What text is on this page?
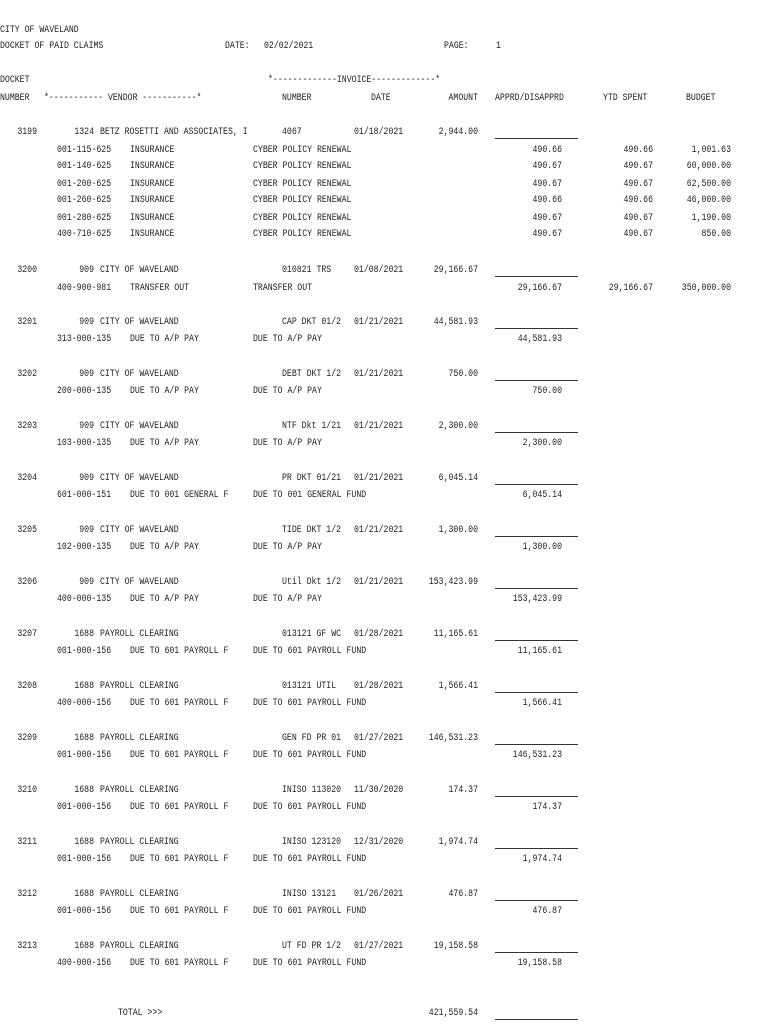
CITY OF WAVELAND
DOCKET OF PAID CLAIMS	DATE: 02/02/2021	PAGE:	1
DOCKET	*-------------INVOICE-------------*
NUMBER *----------- VENDOR -----------*	NUMBER	DATE	AMOUNT APPRD/DISAPPRD	YTD SPENT	BUDGET
3199	1324 BETZ ROSETTI AND ASSOCIATES, I	4067	01/18/2021	2,944.00
001-115-625 INSURANCE	CYBER POLICY RENEWAL	490.66	490.66	1,001.63
001-140-625 INSURANCE	CYBER POLICY RENEWAL	490.67	490.67	60,000.00
001-200-625 INSURANCE	CYBER POLICY RENEWAL	490.67	490.67	62,500.00
001-260-625 INSURANCE	CYBER POLICY RENEWAL	490.66	490.66	46,000.00
001-280-625 INSURANCE	CYBER POLICY RENEWAL	490.67	490.67	1,190.00
400-710-625 INSURANCE	CYBER POLICY RENEWAL	490.67	490.67	850.00
3200	909 CITY OF WAVELAND	010821 TRS 01/08/2021	29,166.67
400-900-981 TRANSFER OUT	TRANSFER OUT	29,166.67	29,166.67	350,000.00
3201	909 CITY OF WAVELAND	CAP DKT 01/2 01/21/2021	44,581.93
313-000-135 DUE TO A/P PAY	DUE TO A/P PAY	44,581.93
3202	909 CITY OF WAVELAND	DEBT DKT 1/2 01/21/2021	750.00
200-000-135 DUE TO A/P PAY	DUE TO A/P PAY	750.00
3203	909 CITY OF WAVELAND	NTF Dkt 1/21 01/21/2021	2,300.00
103-000-135 DUE TO A/P PAY	DUE TO A/P PAY	2,300.00
3204	909 CITY OF WAVELAND	PR DKT 01/21 01/21/2021	6,045.14
601-000-151 DUE TO 001 GENERAL F DUE TO 001 GENERAL FUND	6,045.14
3205	909 CITY OF WAVELAND	TIDE DKT 1/2 01/21/2021	1,300.00
102-000-135 DUE TO A/P PAY	DUE TO A/P PAY	1,300.00
3206	909 CITY OF WAVELAND	Util Dkt 1/2 01/21/2021	153,423.99
400-000-135 DUE TO A/P PAY	DUE TO A/P PAY	153,423.99
3207	1688 PAYROLL CLEARING	013121 GF WC 01/28/2021	11,165.61
001-000-156 DUE TO 601 PAYROLL F DUE TO 601 PAYROLL FUND	11,165.61
3208	1688 PAYROLL CLEARING	013121 UTIL 01/28/2021	1,566.41
400-000-156 DUE TO 601 PAYROLL F DUE TO 601 PAYROLL FUND	1,566.41
3209	1688 PAYROLL CLEARING	GEN FD PR 01 01/27/2021	146,531.23
001-000-156 DUE TO 601 PAYROLL F DUE TO 601 PAYROLL FUND	146,531.23
3210	1688 PAYROLL CLEARING	INISO 113020 11/30/2020	174.37
001-000-156 DUE TO 601 PAYROLL F DUE TO 601 PAYROLL FUND	174.37
3211	1688 PAYROLL CLEARING	INISO 123120 12/31/2020	1,974.74
001-000-156 DUE TO 601 PAYROLL F DUE TO 601 PAYROLL FUND	1,974.74
3212	1688 PAYROLL CLEARING	INISO 13121 01/26/2021	476.87
001-000-156 DUE TO 601 PAYROLL F DUE TO 601 PAYROLL FUND	476.87
3213	1688 PAYROLL CLEARING	UT FD PR 1/2 01/27/2021	19,158.58
400-000-156 DUE TO 601 PAYROLL F DUE TO 601 PAYROLL FUND	19,158.58
TOTAL >>>	421,559.54
